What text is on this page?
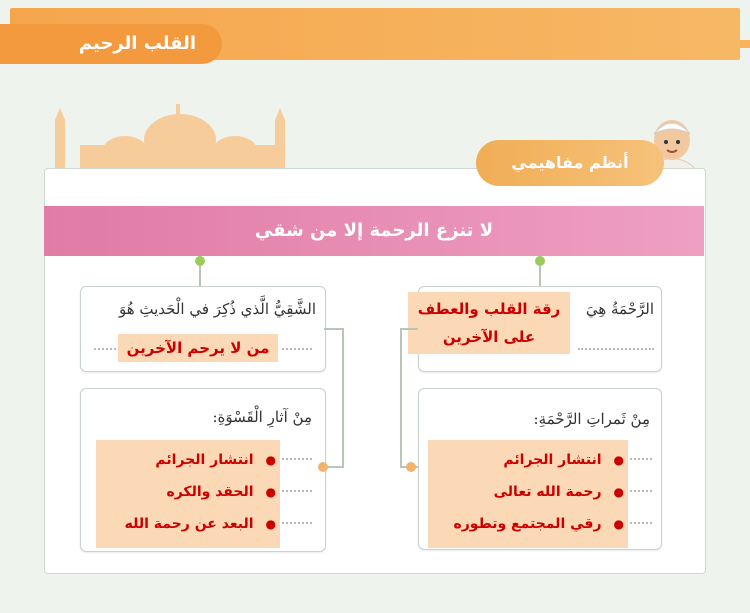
القلب الرحيم
أنظم مفاهيمي
لا تنزع الرحمة إلا من شقي
الرَّحْمَةُ هِيَ
رقة القلب والعطف
على الآخرين
مِنْ ثَمراتِ الرَّحْمَةِ:
●انتشار الجرائم
●رحمة الله تعالى
●رقي المجتمع وتطوره
الشَّقِيُّ الَّذي ذُكِرَ في الْحَديثِ هُوَ
من لا يرحم الآخرين
مِنْ آثارِ الْقَسْوَةِ:
●انتشار الجرائم
●الحقد والكره
●البعد عن رحمة الله
